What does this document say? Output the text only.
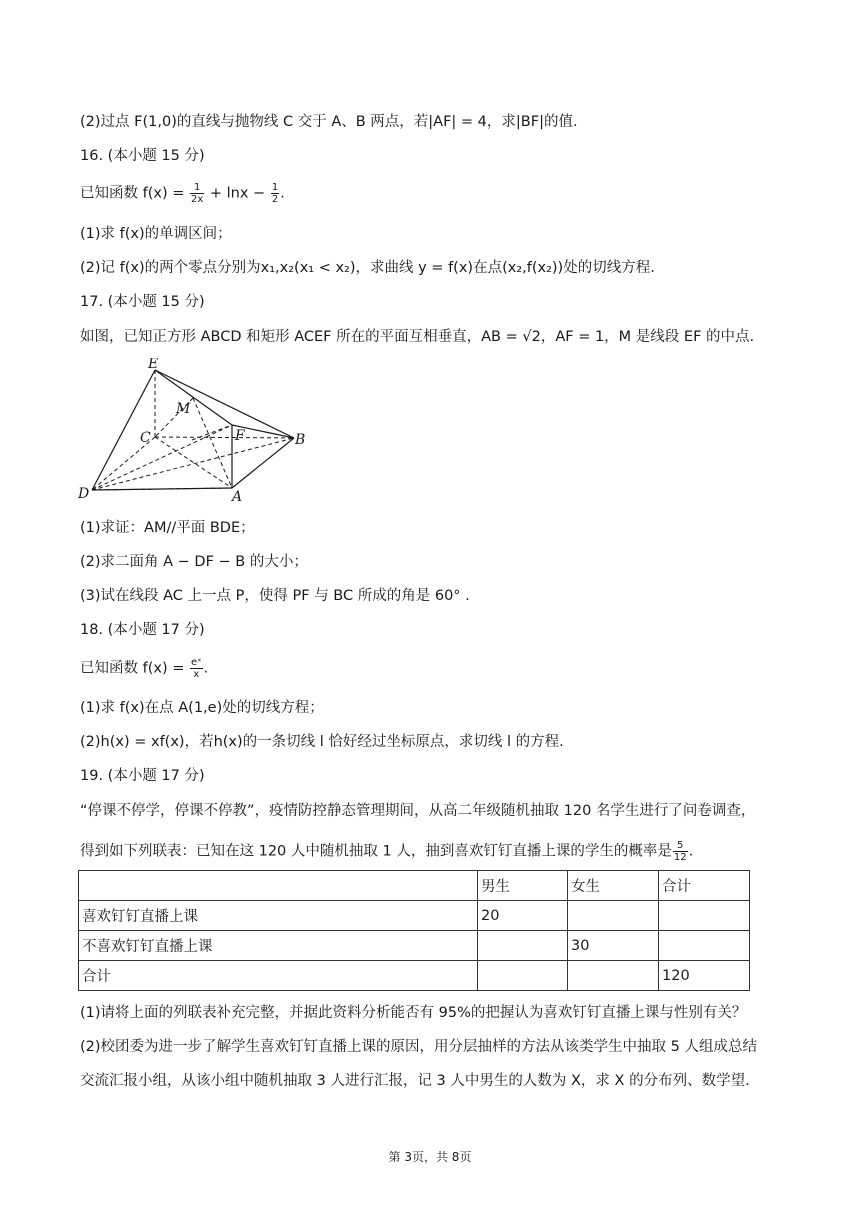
(2)过点 F(1,0)的直线与抛物线 C 交于 A、B 两点，若|AF| = 4，求|BF|的值.
16. (本小题 15 分)
已知函数 $f(x) = \frac{1}{2x} + \ln x - \frac{1}{2}$ .
(1)求 f(x)的单调区间；
(2)记 f(x)的两个零点分别为x₁,x₂(x₁ < x₂)，求曲线 y = f(x)在点(x₂,f(x₂))处的切线方程.
17. (本小题 15 分)
如图，已知正方形 ABCD 和矩形 ACEF 所在的平面互相垂直，AB = √2，AF = 1，M 是线段 EF 的中点.
E
M
C	F	B
D	A
(1)求证：AM//平面 BDE；
(2)求二面角 A − DF − B 的大小；
(3)试在线段 AC 上一点 P，使得 PF 与 BC 所成的角是 60° .
18. (本小题 17 分)
已知函数 $f(x) = \frac{\text{eˣ}}{x}$ .
(1)求 f(x)在点 A(1,e)处的切线方程；
(2)h(x) = xf(x)，若h(x)的一条切线 l 恰好经过坐标原点，求切线 l 的方程.
19. (本小题 17 分)
“停课不停学，停课不停教”，疫情防控静态管理期间，从高二年级随机抽取 120 名学生进行了问卷调查，
得到如下列联表：已知在这 120 人中随机抽取 1 人，抽到喜欢钉钉直播上课的学生的概率是 $\frac{5}{12}$ .
	男生	女生	合计
喜欢钉钉直播上课	20		
不喜欢钉钉直播上课		30	
合计			120
(1)请将上面的列联表补充完整，并据此资料分析能否有 95%的把握认为喜欢钉钉直播上课与性别有关？
(2)校团委为进一步了解学生喜欢钉钉直播上课的原因，用分层抽样的方法从该类学生中抽取 5 人组成总结
交流汇报小组，从该小组中随机抽取 3 人进行汇报，记 3 人中男生的人数为 X，求 X 的分布列、数学望.
第 3页，共 8页
